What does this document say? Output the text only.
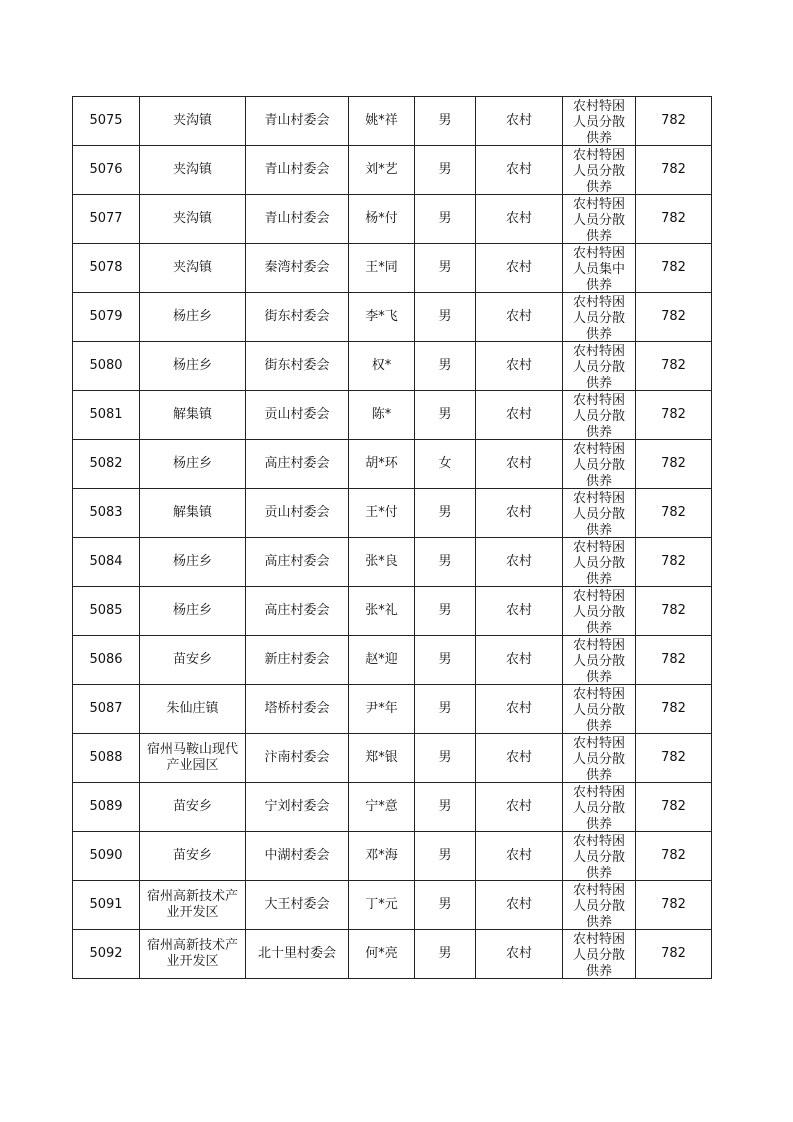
5075	夹沟镇	青山村委会	姚*祥	男	农村	农村特困人员分散供养	782
5076	夹沟镇	青山村委会	刘*艺	男	农村	农村特困人员分散供养	782
5077	夹沟镇	青山村委会	杨*付	男	农村	农村特困人员分散供养	782
5078	夹沟镇	秦湾村委会	王*同	男	农村	农村特困人员集中供养	782
5079	杨庄乡	街东村委会	李*飞	男	农村	农村特困人员分散供养	782
5080	杨庄乡	街东村委会	权*	男	农村	农村特困人员分散供养	782
5081	解集镇	贡山村委会	陈*	男	农村	农村特困人员分散供养	782
5082	杨庄乡	高庄村委会	胡*环	女	农村	农村特困人员分散供养	782
5083	解集镇	贡山村委会	王*付	男	农村	农村特困人员分散供养	782
5084	杨庄乡	高庄村委会	张*良	男	农村	农村特困人员分散供养	782
5085	杨庄乡	高庄村委会	张*礼	男	农村	农村特困人员分散供养	782
5086	苗安乡	新庄村委会	赵*迎	男	农村	农村特困人员分散供养	782
5087	朱仙庄镇	塔桥村委会	尹*年	男	农村	农村特困人员分散供养	782
5088	宿州马鞍山现代产业园区	汴南村委会	郑*银	男	农村	农村特困人员分散供养	782
5089	苗安乡	宁刘村委会	宁*意	男	农村	农村特困人员分散供养	782
5090	苗安乡	中湖村委会	邓*海	男	农村	农村特困人员分散供养	782
5091	宿州高新技术产业开发区	大王村委会	丁*元	男	农村	农村特困人员分散供养	782
5092	宿州高新技术产业开发区	北十里村委会	何*亮	男	农村	农村特困人员分散供养	782
